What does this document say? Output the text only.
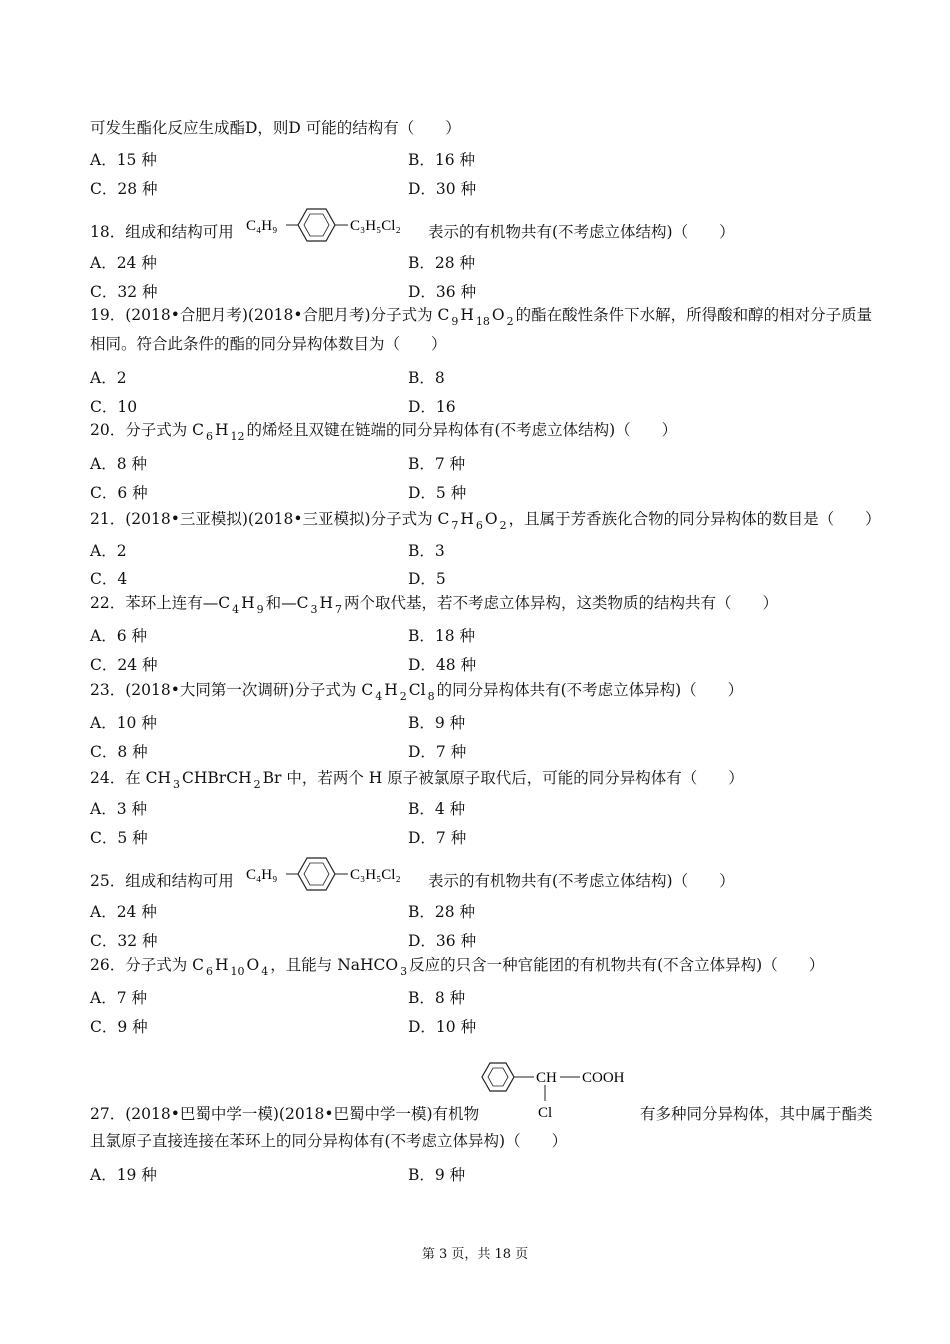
可发生酯化反应生成酯D，则D 可能的结构有（　　）
A．15 种	B．16 种
C．28 种	D．30 种
18．组成和结构可用 C₄H₉	C₃H₅Cl₂ 表示的有机物共有(不考虑立体结构)（　　）
A．24 种	B．28 种
C．32 种	D．36 种
19．(2018•合肥月考)(2018•合肥月考)分子式为 C $_9$ H $_{18}$ O $_2$ 的酯在酸性条件下水解，所得酸和醇的相对分子质量
相同。符合此条件的酯的同分异构体数目为（　　）
A．2	B．8
C．10	D．16
20．分子式为 C $_6$ H $_{12}$ 的烯烃且双键在链端的同分异构体有(不考虑立体结构)（　　）
A．8 种	B．7 种
C．6 种	D．5 种
21．(2018•三亚模拟)(2018•三亚模拟)分子式为 C $_7$ H $_6$ O $_2$ ，且属于芳香族化合物的同分异构体的数目是（　　）
A．2	B．3
C．4	D．5
22．苯环上连有—C $_4$ H $_9$ 和—C $_3$ H $_7$ 两个取代基，若不考虑立体异构，这类物质的结构共有（　　）
A．6 种	B．18 种
C．24 种	D．48 种
23．(2018•大同第一次调研)分子式为 C $_4$ H $_2$ Cl $_8$ 的同分异构体共有(不考虑立体异构)（　　）
A．10 种	B．9 种
C．8 种	D．7 种
24．在 CH $_3$ CHBrCH $_2$ Br 中，若两个 H 原子被氯原子取代后，可能的同分异构体有（　　）
A．3 种	B．4 种
C．5 种	D．7 种
25．组成和结构可用 C₄H₉	C₃H₅Cl₂ 表示的有机物共有(不考虑立体结构)（　　）
A．24 种	B．28 种
C．32 种	D．36 种
26．分子式为 C $_6$ H $_{10}$ O $_4$ ，且能与 NaHCO $_3$ 反应的只含一种官能团的有机物共有(不含立体异构)（　　）
A．7 种	B．8 种
C．9 种	D．10 种
CH COOH
Cl
27．(2018•巴蜀中学一模)(2018•巴蜀中学一模)有机物	有多种同分异构体，其中属于酯类
且氯原子直接连接在苯环上的同分异构体有(不考虑立体异构)（　　）
A．19 种	B．9 种
第 3 页，共 18 页
